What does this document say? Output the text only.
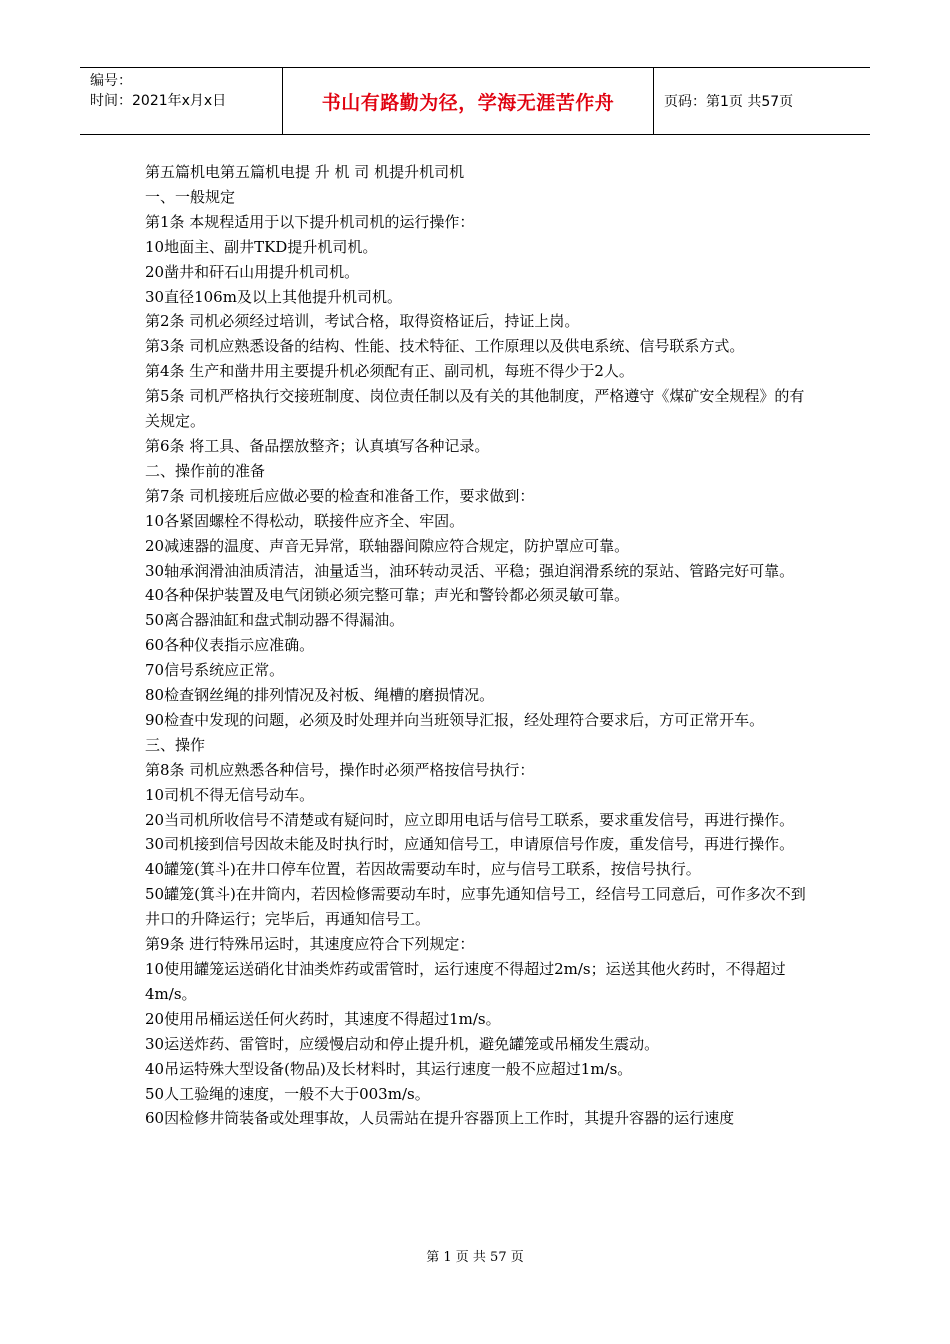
编号：
时间：2021年x月x日	书山有路勤为径，学海无涯苦作舟	页码：第1页 共57页

第五篇机电第五篇机电提 升 机 司 机提升机司机

一、一般规定

第1条 本规程适用于以下提升机司机的运行操作：

10地面主、副井TKD提升机司机。

20凿井和矸石山用提升机司机。

30直径106m及以上其他提升机司机。

第2条 司机必须经过培训，考试合格，取得资格证后，持证上岗。

第3条 司机应熟悉设备的结构、性能、技术特征、工作原理以及供电系统、信号联系方式。

第4条 生产和凿井用主要提升机必须配有正、副司机，每班不得少于2人。

第5条 司机严格执行交接班制度、岗位责任制以及有关的其他制度，严格遵守《煤矿安全规程》的有关规定。

第6条 将工具、备品摆放整齐；认真填写各种记录。

二、操作前的准备

第7条 司机接班后应做必要的检查和准备工作，要求做到：

10各紧固螺栓不得松动，联接件应齐全、牢固。

20减速器的温度、声音无异常，联轴器间隙应符合规定，防护罩应可靠。

30轴承润滑油油质清洁，油量适当，油环转动灵活、平稳；强迫润滑系统的泵站、管路完好可靠。

40各种保护装置及电气闭锁必须完整可靠；声光和警铃都必须灵敏可靠。

50离合器油缸和盘式制动器不得漏油。

60各种仪表指示应准确。

70信号系统应正常。

80检查钢丝绳的排列情况及衬板、绳槽的磨损情况。

90检查中发现的问题，必须及时处理并向当班领导汇报，经处理符合要求后，方可正常开车。

三、操作

第8条 司机应熟悉各种信号，操作时必须严格按信号执行：

10司机不得无信号动车。

20当司机所收信号不清楚或有疑问时，应立即用电话与信号工联系，要求重发信号，再进行操作。

30司机接到信号因故未能及时执行时，应通知信号工，申请原信号作废，重发信号，再进行操作。

40罐笼(箕斗)在井口停车位置，若因故需要动车时，应与信号工联系，按信号执行。

50罐笼(箕斗)在井筒内，若因检修需要动车时，应事先通知信号工，经信号工同意后，可作多次不到井口的升降运行；完毕后，再通知信号工。

第9条 进行特殊吊运时，其速度应符合下列规定：

10使用罐笼运送硝化甘油类炸药或雷管时，运行速度不得超过2m/s；运送其他火药时，不得超过4m/s。

20使用吊桶运送任何火药时，其速度不得超过1m/s。

30运送炸药、雷管时，应缓慢启动和停止提升机，避免罐笼或吊桶发生震动。

40吊运特殊大型设备(物品)及长材料时，其运行速度一般不应超过1m/s。

50人工验绳的速度，一般不大于003m/s。

60因检修井筒装备或处理事故，人员需站在提升容器顶上工作时，其提升容器的运行速度

第 1 页 共 57 页
